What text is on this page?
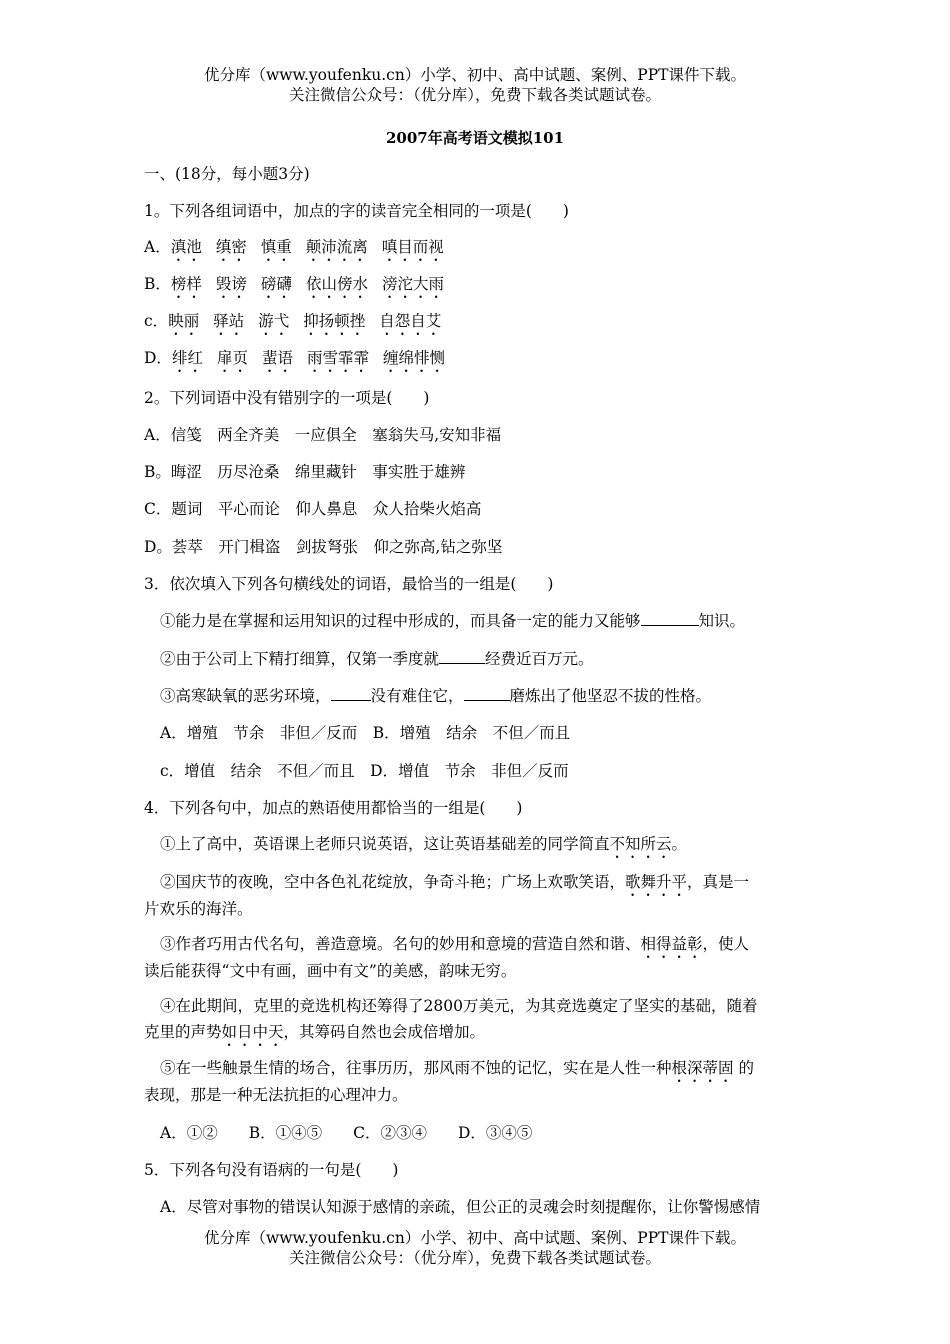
优分库（www.youfenku.cn）小学、初中、高中试题、案例、PPT课件下载。
关注微信公众号：（优分库），免费下载各类试题试卷。
2007年高考语文模拟101
一、(18分，每小题3分)
1。下列各组词语中，加点的字的读音完全相同的一项是(　　)
A．滇池 缜密 慎重 颠沛流离 嗔目而视
B．榜样 毁谤 磅礴 依山傍水 滂沱大雨
c．眏丽 驿站 游弋 抑扬顿挫 自怨自艾
D．绯红 扉页 蜚语 雨雪霏霏 缠绵悱恻
2。下列词语中没有错别字的一项是(　　)
A．信笺　两全齐美　一应俱全　塞翁失马,安知非福
B。晦涩　历尽沧桑　绵里藏针　事实胜于雄辨
C．题词　平心而论　仰人鼻息　众人拾柴火焰高
D。荟萃　开门楫盗　剑拔弩张　仰之弥高,钻之弥坚
3．依次填入下列各句横线处的词语，最恰当的一组是(　　)
①能力是在掌握和运用知识的过程中形成的，而具备一定的能力又能够	知识。
②由于公司上下精打细算，仅第一季度就	经费近百万元。
③高寒缺氧的恶劣环境，	没有难住它，	磨炼出了他坚忍不拔的性格。
A．增殖　节余　非但／反而　B．增殖　结余　不但／而且
c．增值　结余　不但／而且　D．增值　节余　非但／反而
4．下列各句中，加点的熟语使用都恰当的一组是(　　)
①上了高中，英语课上老师只说英语，这让英语基础差的同学简直不知所云。
②国庆节的夜晚，空中各色礼花绽放，争奇斗艳；广场上欢歌笑语，歌舞升平，真是一
片欢乐的海洋。
③作者巧用古代名句，善造意境。名句的妙用和意境的营造自然和谐、相得益彰，使人
读后能获得“文中有画，画中有文”的美感，韵味无穷。
④在此期间，克里的竞选机构还筹得了2800万美元，为其竞选奠定了坚实的基础，随着
克里的声势如日中天，其筹码自然也会成倍增加。
⑤在一些触景生情的场合，往事历历，那风雨不蚀的记忆，实在是人性一种根深蒂固 的
表现，那是一种无法抗拒的心理冲力。
A．①②　　B．①④⑤　　C．②③④　　D．③④⑤
5．下列各句没有语病的一句是(　　)
A．尽管对事物的错误认知源于感情的亲疏，但公正的灵魂会时刻提醒你，让你警惕感情
优分库（www.youfenku.cn）小学、初中、高中试题、案例、PPT课件下载。
关注微信公众号：（优分库），免费下载各类试题试卷。
